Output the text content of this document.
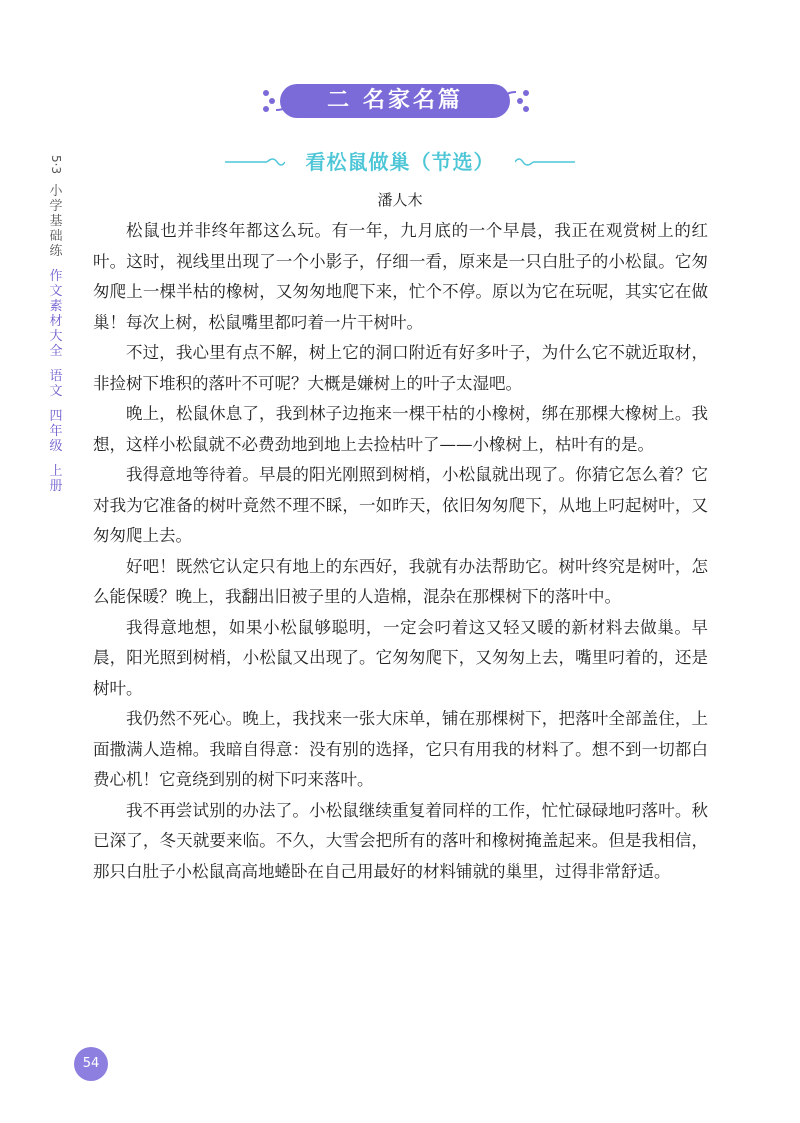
二 名家名篇
看松鼠做巢（节选）
潘人木
5·3
小学基础练
作文素材大全
语文
四年级
上册

松鼠也并非终年都这么玩。有一年，九月底的一个早晨，我正在观赏树上的红叶。这时，视线里出现了一个小影子，仔细一看，原来是一只白肚子的小松鼠。它匆匆爬上一棵半枯的橡树，又匆匆地爬下来，忙个不停。原以为它在玩呢，其实它在做巢！每次上树，松鼠嘴里都叼着一片干树叶。

不过，我心里有点不解，树上它的洞口附近有好多叶子，为什么它不就近取材，非捡树下堆积的落叶不可呢？大概是嫌树上的叶子太湿吧。

晚上，松鼠休息了，我到林子边拖来一棵干枯的小橡树，绑在那棵大橡树上。我想，这样小松鼠就不必费劲地到地上去捡枯叶了——小橡树上，枯叶有的是。

我得意地等待着。早晨的阳光刚照到树梢，小松鼠就出现了。你猜它怎么着？它对我为它准备的树叶竟然不理不睬，一如昨天，依旧匆匆爬下，从地上叼起树叶，又匆匆爬上去。

好吧！既然它认定只有地上的东西好，我就有办法帮助它。树叶终究是树叶，怎么能保暖？晚上，我翻出旧被子里的人造棉，混杂在那棵树下的落叶中。

我得意地想，如果小松鼠够聪明，一定会叼着这又轻又暖的新材料去做巢。早晨，阳光照到树梢，小松鼠又出现了。它匆匆爬下，又匆匆上去，嘴里叼着的，还是树叶。

我仍然不死心。晚上，我找来一张大床单，铺在那棵树下，把落叶全部盖住，上面撒满人造棉。我暗自得意：没有别的选择，它只有用我的材料了。想不到一切都白费心机！它竟绕到别的树下叼来落叶。

我不再尝试别的办法了。小松鼠继续重复着同样的工作，忙忙碌碌地叼落叶。秋已深了，冬天就要来临。不久，大雪会把所有的落叶和橡树掩盖起来。但是我相信，那只白肚子小松鼠高高地蜷卧在自己用最好的材料铺就的巢里，过得非常舒适。

54
